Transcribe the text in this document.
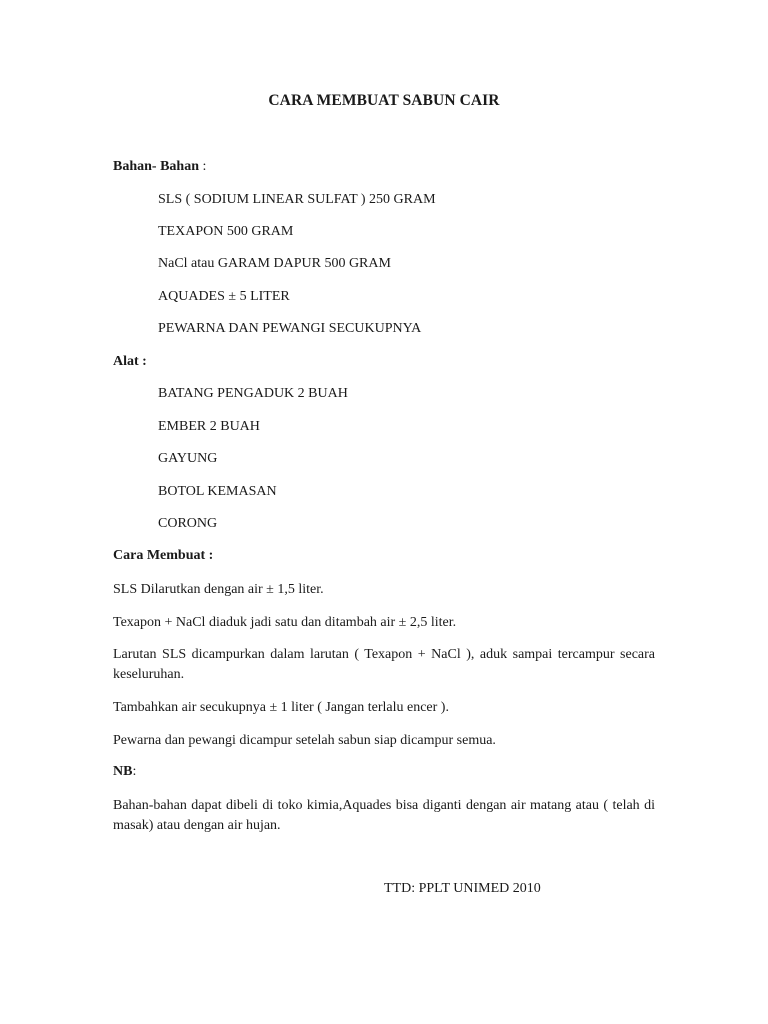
CARA MEMBUAT SABUN CAIR
Bahan- Bahan :
SLS ( SODIUM LINEAR SULFAT ) 250 GRAM
TEXAPON 500 GRAM
NaCl atau GARAM DAPUR 500 GRAM
AQUADES ± 5 LITER
PEWARNA DAN PEWANGI SECUKUPNYA
Alat :
BATANG PENGADUK 2 BUAH
EMBER 2 BUAH
GAYUNG
BOTOL KEMASAN
CORONG
Cara Membuat :
SLS Dilarutkan dengan air ± 1,5 liter.
Texapon + NaCl diaduk jadi satu dan ditambah air ± 2,5 liter.
Larutan SLS dicampurkan dalam larutan ( Texapon + NaCl ), aduk sampai tercampur secara keseluruhan.
Tambahkan air secukupnya ± 1 liter ( Jangan terlalu encer ).
Pewarna dan pewangi dicampur setelah sabun siap dicampur semua.
NB:
Bahan-bahan dapat dibeli di toko kimia,Aquades bisa diganti dengan air matang atau ( telah di masak) atau dengan air hujan.
TTD: PPLT UNIMED 2010
